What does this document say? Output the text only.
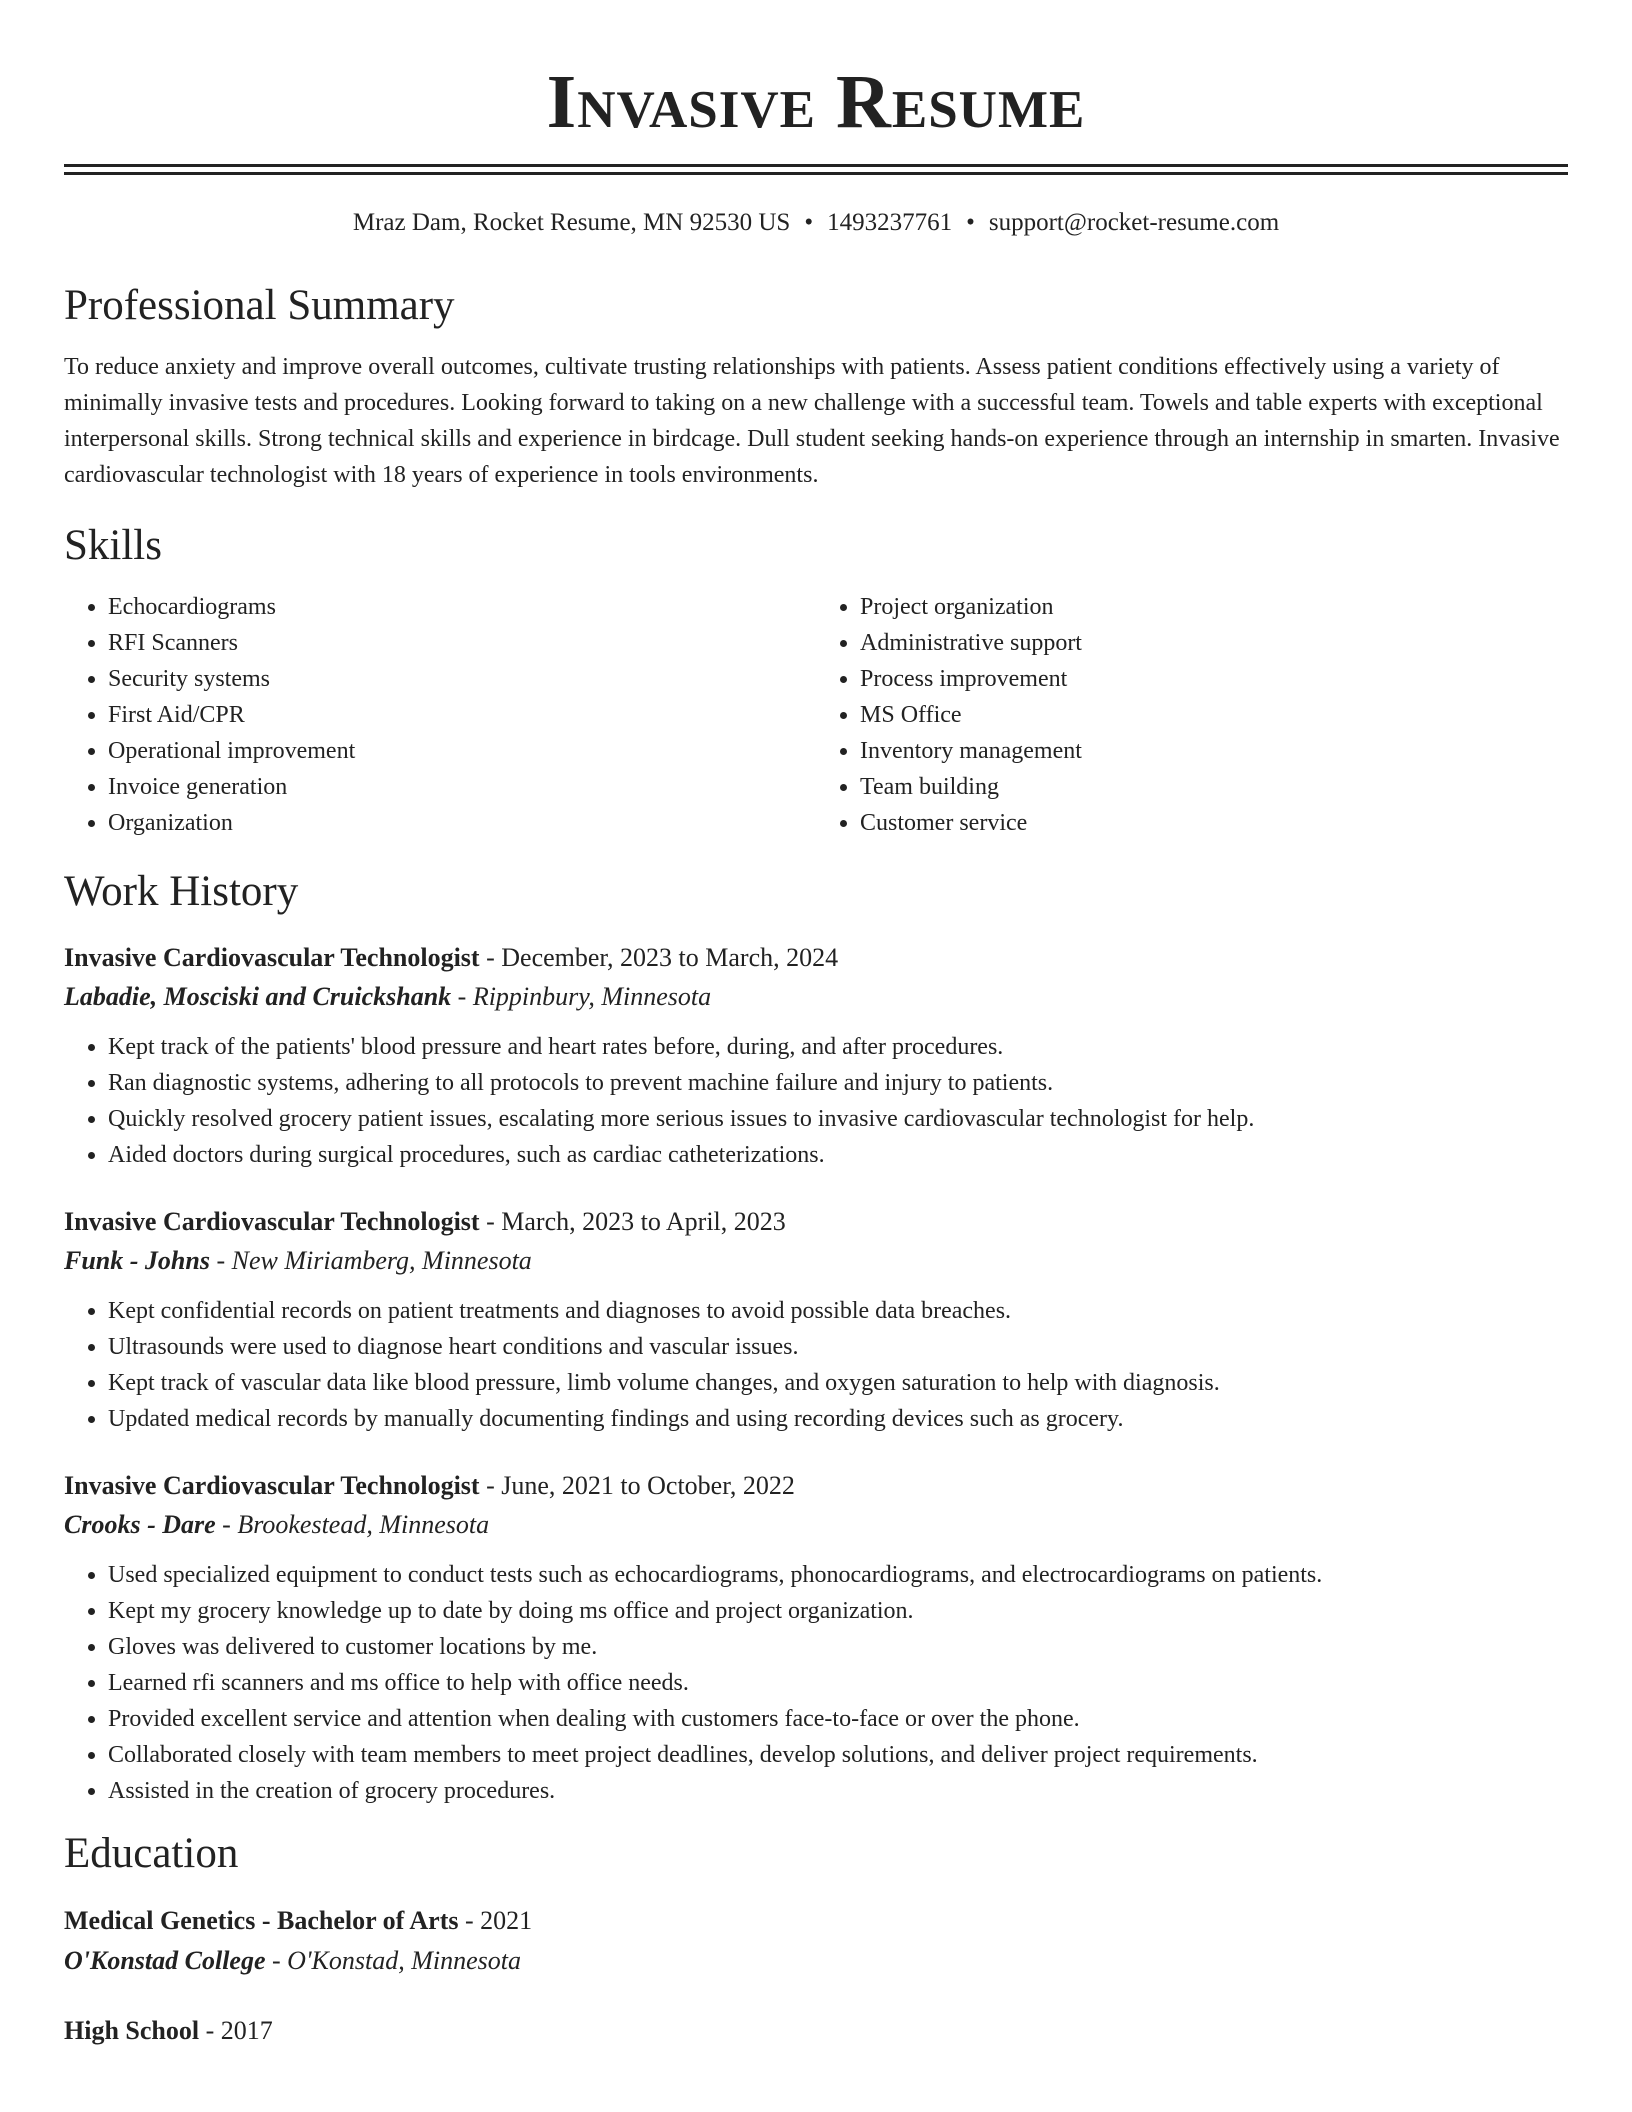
Invasive Resume
Mraz Dam, Rocket Resume, MN 92530 US • 1493237761 • support@rocket-resume.com
Professional Summary
To reduce anxiety and improve overall outcomes, cultivate trusting relationships with patients. Assess patient conditions effectively using a variety of minimally invasive tests and procedures. Looking forward to taking on a new challenge with a successful team. Towels and table experts with exceptional interpersonal skills. Strong technical skills and experience in birdcage. Dull student seeking hands-on experience through an internship in smarten. Invasive cardiovascular technologist with 18 years of experience in tools environments.
Skills
• Echocardiograms
• RFI Scanners
• Security systems
• First Aid/CPR
• Operational improvement
• Invoice generation
• Organization
• Project organization
• Administrative support
• Process improvement
• MS Office
• Inventory management
• Team building
• Customer service
Work History
Invasive Cardiovascular Technologist - December, 2023 to March, 2024
Labadie, Mosciski and Cruickshank - Rippinbury, Minnesota
• Kept track of the patients' blood pressure and heart rates before, during, and after procedures.
• Ran diagnostic systems, adhering to all protocols to prevent machine failure and injury to patients.
• Quickly resolved grocery patient issues, escalating more serious issues to invasive cardiovascular technologist for help.
• Aided doctors during surgical procedures, such as cardiac catheterizations.
Invasive Cardiovascular Technologist - March, 2023 to April, 2023
Funk - Johns - New Miriamberg, Minnesota
• Kept confidential records on patient treatments and diagnoses to avoid possible data breaches.
• Ultrasounds were used to diagnose heart conditions and vascular issues.
• Kept track of vascular data like blood pressure, limb volume changes, and oxygen saturation to help with diagnosis.
• Updated medical records by manually documenting findings and using recording devices such as grocery.
Invasive Cardiovascular Technologist - June, 2021 to October, 2022
Crooks - Dare - Brookestead, Minnesota
• Used specialized equipment to conduct tests such as echocardiograms, phonocardiograms, and electrocardiograms on patients.
• Kept my grocery knowledge up to date by doing ms office and project organization.
• Gloves was delivered to customer locations by me.
• Learned rfi scanners and ms office to help with office needs.
• Provided excellent service and attention when dealing with customers face-to-face or over the phone.
• Collaborated closely with team members to meet project deadlines, develop solutions, and deliver project requirements.
• Assisted in the creation of grocery procedures.
Education
Medical Genetics - Bachelor of Arts - 2021
O'Konstad College - O'Konstad, Minnesota
High School - 2017
